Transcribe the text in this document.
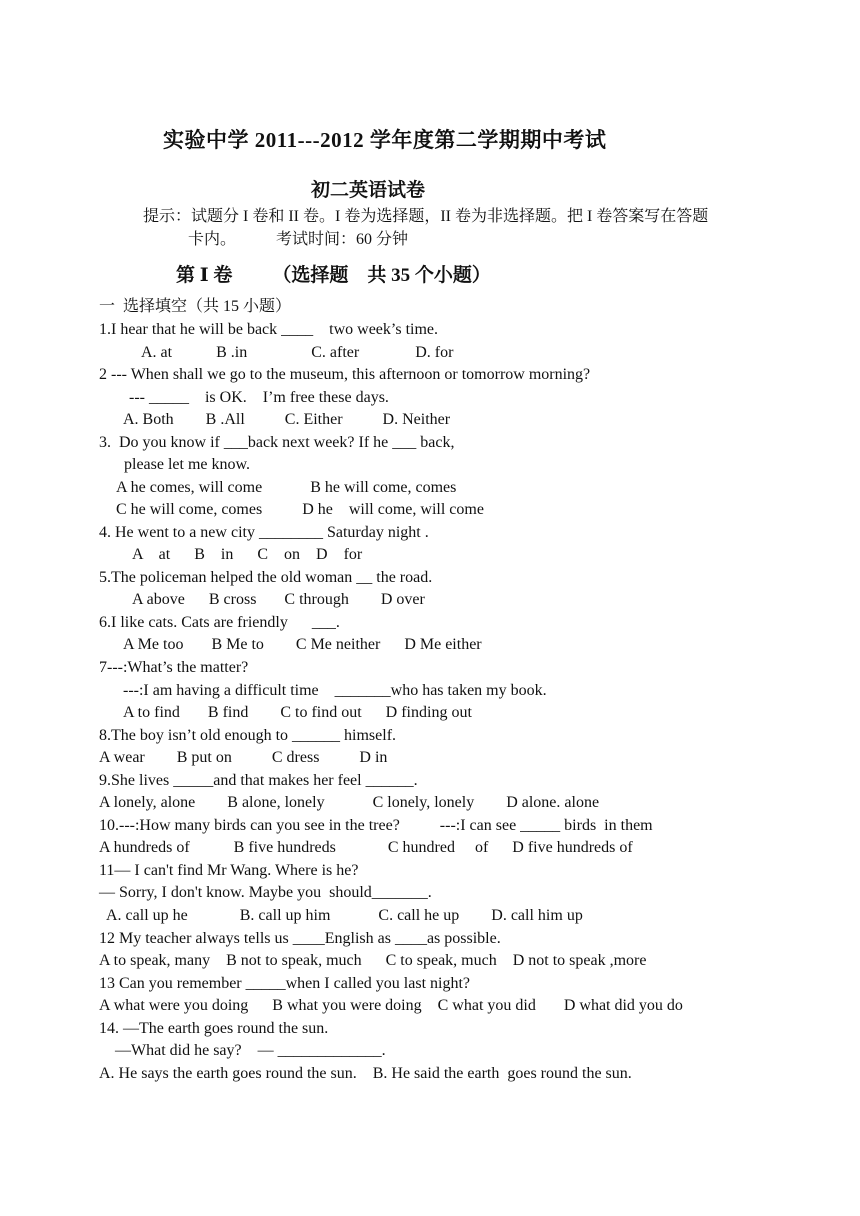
实验中学 2011---2012 学年度第二学期期中考试
初二英语试卷
提示：试题分 I 卷和 II 卷。I 卷为选择题，II 卷为非选择题。把 I 卷答案写在答题
卡内。	考试时间：60 分钟
第 Ⅰ 卷 （选择题　共 35 个小题）
一  选择填空（共 15 小题）
1.I hear that he will be back ____    two week’s time.
A. at           B .in                C. after              D. for
2 --- When shall we go to the museum, this afternoon or tomorrow morning?
--- _____    is OK.    I’m free these days.
A. Both        B .All          C. Either          D. Neither
3.  Do you know if ___back next week? If he ___ back,
please let me know.
A he comes, will come            B he will come, comes
C he will come, comes          D he    will come, will come
4. He went to a new city ________ Saturday night .
A    at      B    in      C    on    D    for
5.The policeman helped the old woman __ the road.
A above      B cross       C through        D over
6.I like cats. Cats are friendly      ___.
A Me too       B Me to        C Me neither      D Me either
7---:What’s the matter?
---:I am having a difficult time    _______who has taken my book.
A to find       B find        C to find out      D finding out
8.The boy isn’t old enough to ______ himself.
A wear        B put on          C dress          D in
9.She lives _____and that makes her feel ______.
A lonely, alone        B alone, lonely            C lonely, lonely        D alone. alone
10.---:How many birds can you see in the tree?          ---:I can see _____ birds  in them
A hundreds of           B five hundreds             C hundred     of      D five hundreds of
11— I can't find Mr Wang. Where is he?
— Sorry, I don't know. Maybe you  should_______.
A. call up he             B. call up him            C. call he up        D. call him up
12 My teacher always tells us ____English as ____as possible.
A to speak, many    B not to speak, much      C to speak, much    D not to speak ,more
13 Can you remember _____when I called you last night?
A what were you doing      B what you were doing    C what you did       D what did you do
14. —The earth goes round the sun.
—What did he say?    — _____________.
A. He says the earth goes round the sun.    B. He said the earth  goes round the sun.
